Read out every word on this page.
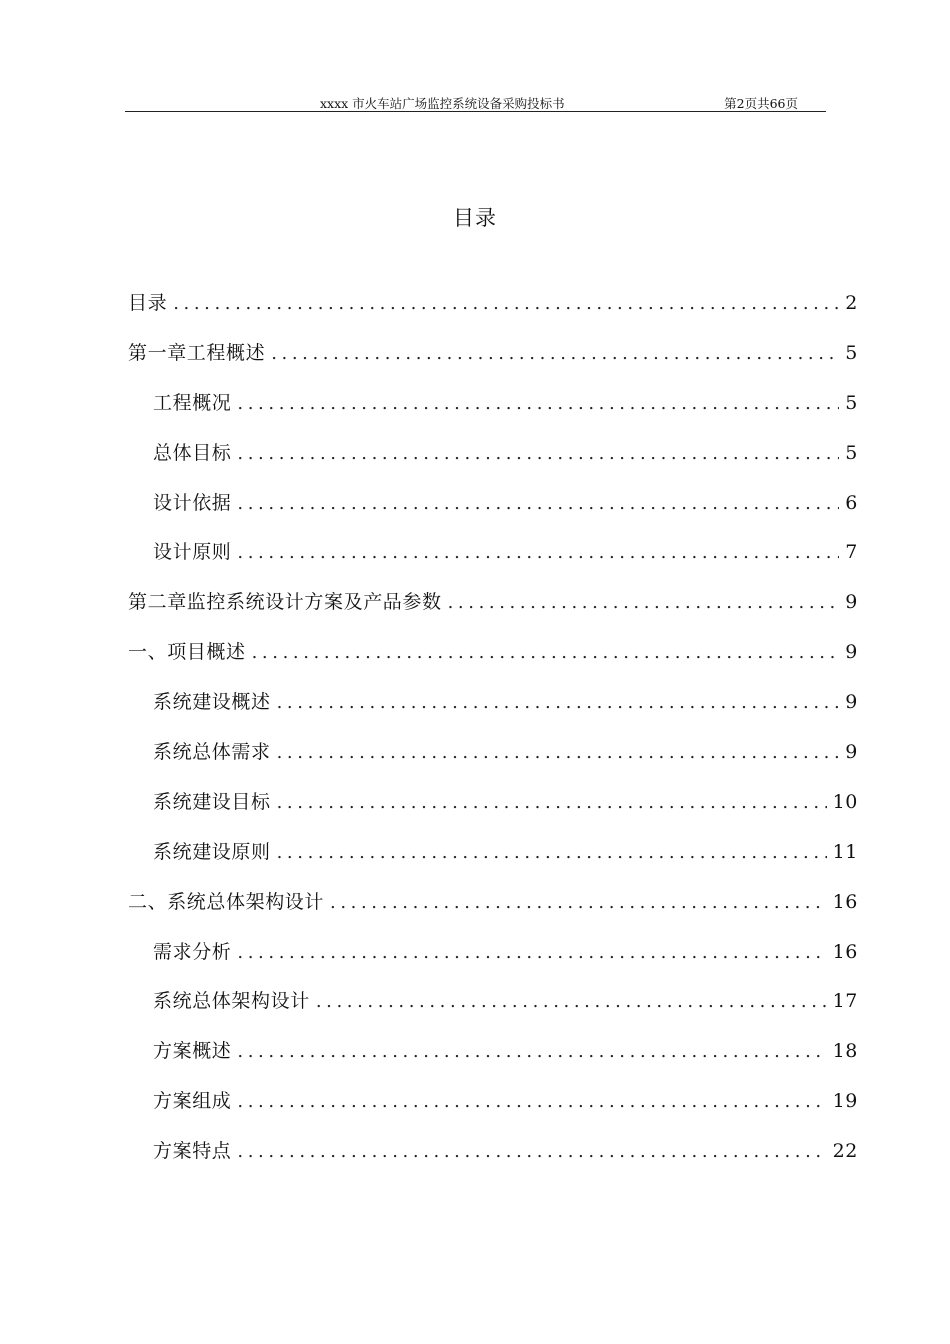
xxxx 市火车站广场监控系统设备采购投标书	第2页共66页
目录
目录 .....	2
第一章工程概述 .....	5
工程概况 .....	5
总体目标 .....	5
设计依据 .....	6
设计原则 .....	7
第二章监控系统设计方案及产品参数 .....	9
一、项目概述 .....	9
系统建设概述 .....	9
系统总体需求 .....	9
系统建设目标 .....	10
系统建设原则 .....	11
二、系统总体架构设计 .....	16
需求分析 .....	16
系统总体架构设计 .....	17
方案概述 .....	18
方案组成 .....	19
方案特点 .....	22
